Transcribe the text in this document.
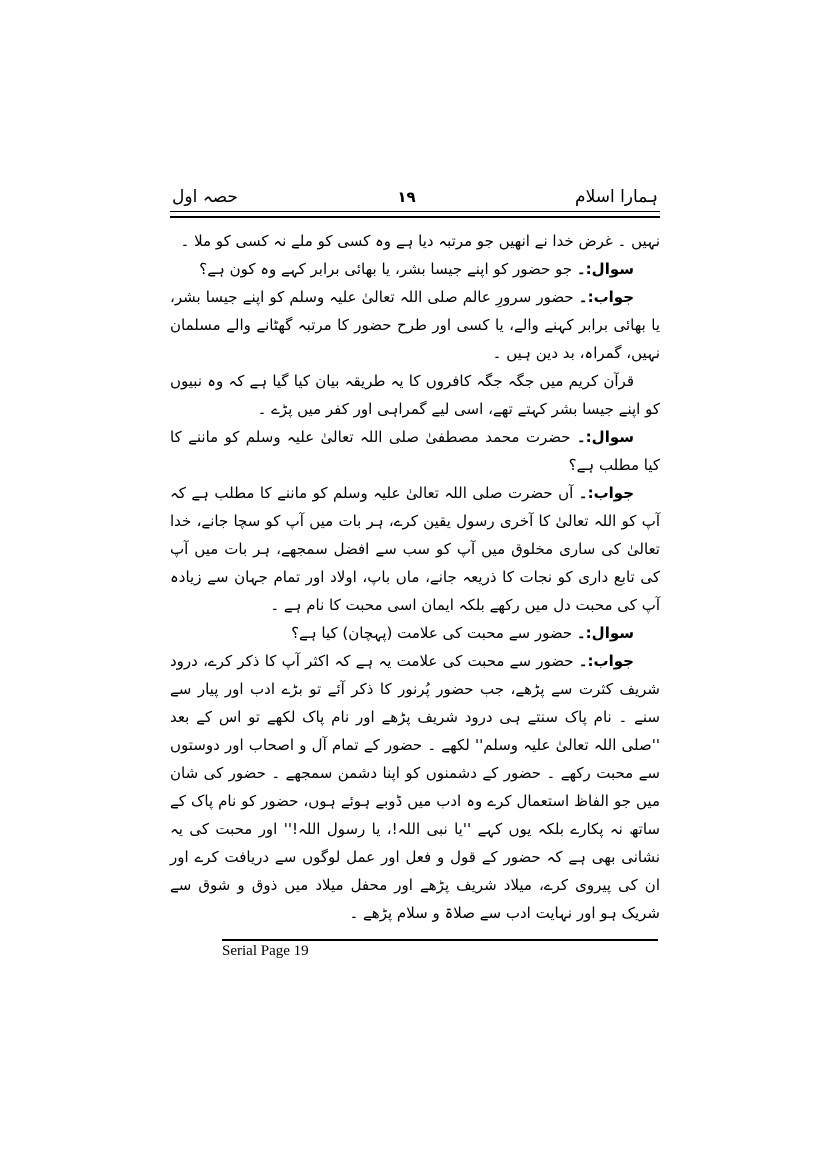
ہمارا اسلام
۱۹
حصہ اول

نہیں ۔ غرض خدا نے انھیں جو مرتبہ دیا ہے وہ کسی کو ملے نہ کسی کو ملا ۔

سوال:۔ جو حضور کو اپنے جیسا بشر، یا بھائی برابر کہے وہ کون ہے؟

جواب:۔ حضور سرورِ عالم صلی اللہ تعالیٰ علیہ وسلم کو اپنے جیسا بشر، یا بھائی برابر کہنے والے، یا کسی اور طرح حضور کا مرتبہ گھٹانے والے مسلمان نہیں، گمراہ، بد دین ہیں ۔

قرآن کریم میں جگہ جگہ کافروں کا یہ طریقہ بیان کیا گیا ہے کہ وہ نبیوں کو اپنے جیسا بشر کہتے تھے، اسی لیے گمراہی اور کفر میں پڑے ۔

سوال:۔ حضرت محمد مصطفیٰ صلی اللہ تعالیٰ علیہ وسلم کو ماننے کا کیا مطلب ہے؟

جواب:۔ آں حضرت صلی اللہ تعالیٰ علیہ وسلم کو ماننے کا مطلب ہے کہ آپ کو اللہ تعالیٰ کا آخری رسول یقین کرے، ہر بات میں آپ کو سچا جانے، خدا تعالیٰ کی ساری مخلوق میں آپ کو سب سے افضل سمجھے، ہر بات میں آپ کی تابع داری کو نجات کا ذریعہ جانے، ماں باپ، اولاد اور تمام جہان سے زیادہ آپ کی محبت دل میں رکھے بلکہ ایمان اسی محبت کا نام ہے ۔

سوال:۔ حضور سے محبت کی علامت (پہچان) کیا ہے؟

جواب:۔ حضور سے محبت کی علامت یہ ہے کہ اکثر آپ کا ذکر کرے، درود شریف کثرت سے پڑھے، جب حضور پُرنور کا ذکر آئے تو بڑے ادب اور پیار سے سنے ۔ نام پاک سنتے ہی درود شریف پڑھے اور نام پاک لکھے تو اس کے بعد ''صلی اللہ تعالیٰ علیہ وسلم'' لکھے ۔ حضور کے تمام آل و اصحاب اور دوستوں سے محبت رکھے ۔ حضور کے دشمنوں کو اپنا دشمن سمجھے ۔ حضور کی شان میں جو الفاظ استعمال کرے وہ ادب میں ڈوبے ہوئے ہوں، حضور کو نام پاک کے ساتھ نہ پکارے بلکہ یوں کہے ''یا نبی اللہ!، یا رسول اللہ!'' اور محبت کی یہ نشانی بھی ہے کہ حضور کے قول و فعل اور عمل لوگوں سے دریافت کرے اور ان کی پیروی کرے، میلاد شریف پڑھے اور محفل میلاد میں ذوق و شوق سے شریک ہو اور نہایت ادب سے صلاۃ و سلام پڑھے ۔

Serial Page 19
